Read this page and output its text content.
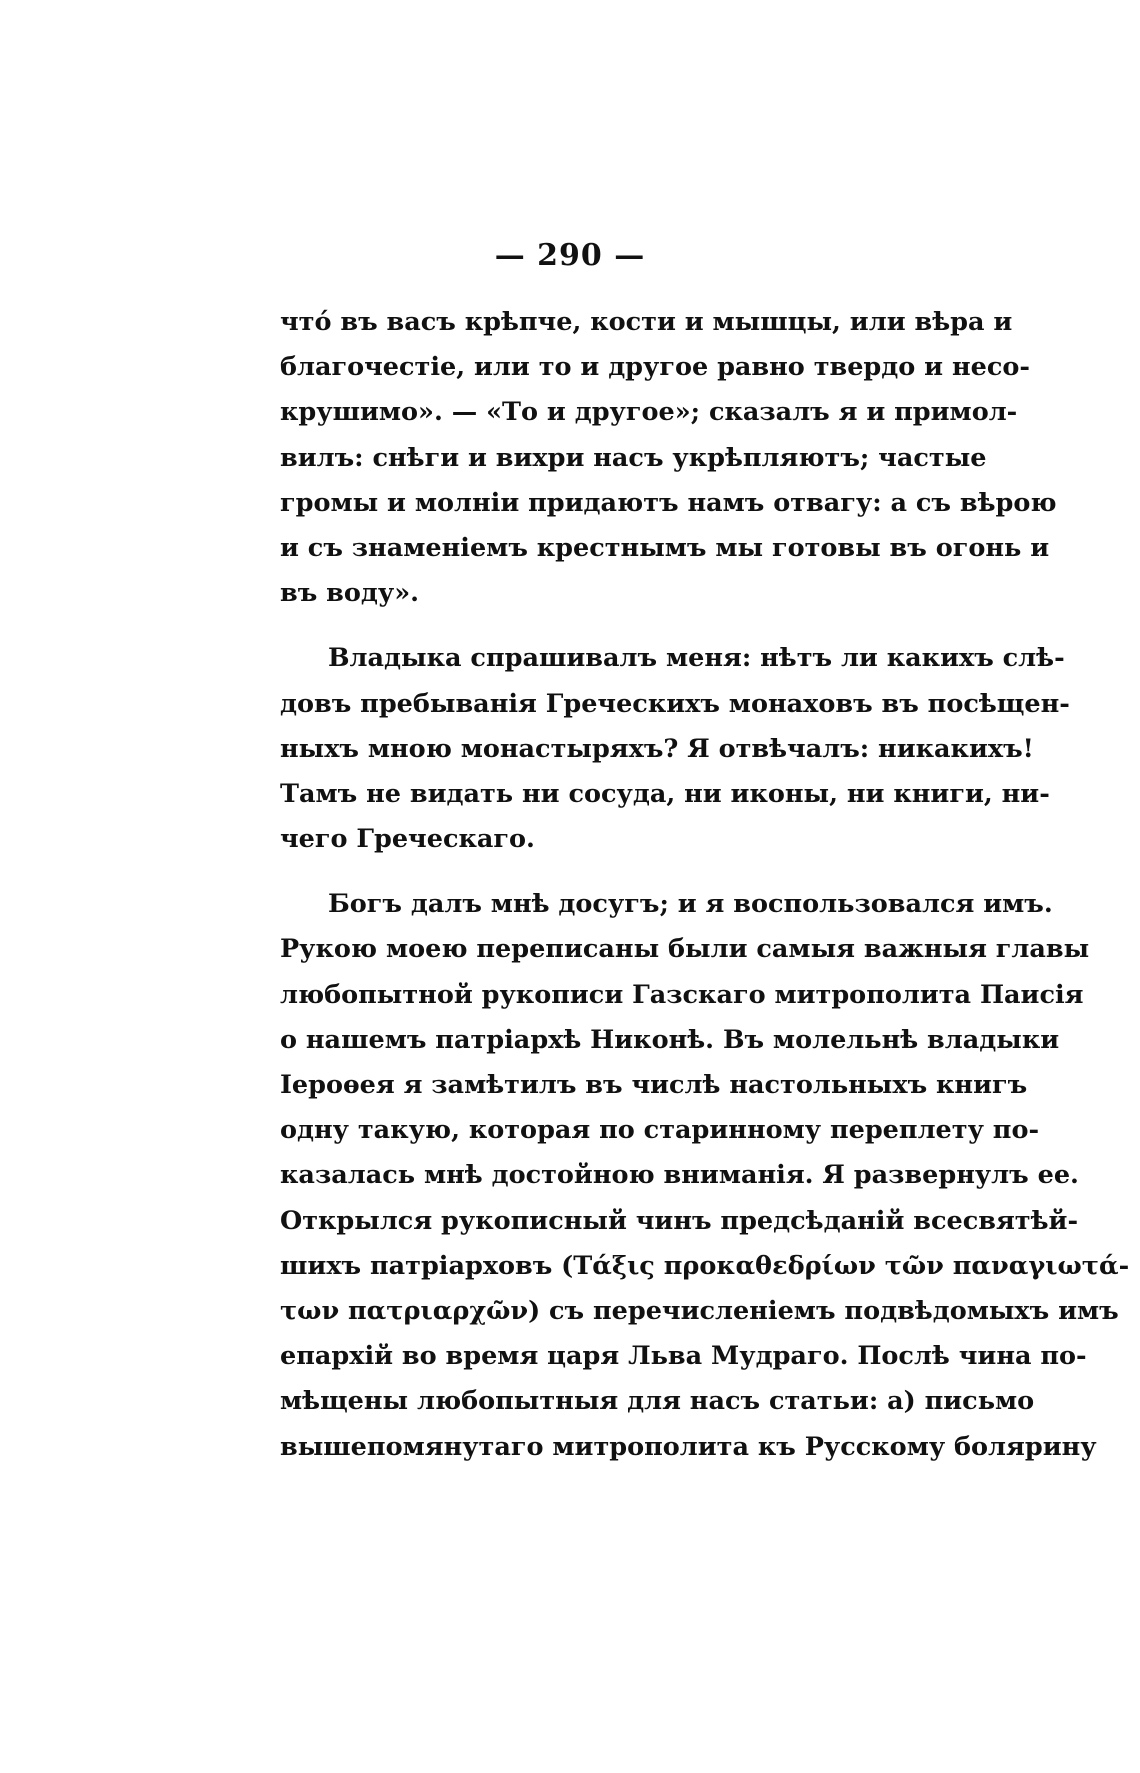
— 290 —
что́ въ васъ крѣпче, кости и мышцы, или вѣра и
благочестіе, или то и другое равно твердо и несо-
крушимо». — «То и другое»; сказалъ я и примол-
вилъ: снѣги и вихри насъ укрѣпляютъ; частые
громы и молніи придаютъ намъ отвагу: а съ вѣрою
и съ знаменіемъ крестнымъ мы готовы въ огонь и
въ воду».
Владыка спрашивалъ меня: нѣтъ ли какихъ слѣ-
довъ пребыванія Греческихъ монаховъ въ посѣщен-
ныхъ мною монастыряхъ? Я отвѣчалъ: никакихъ!
Тамъ не видать ни сосуда, ни иконы, ни книги, ни-
чего Греческаго.
Богъ далъ мнѣ досугъ; и я воспользовался имъ.
Рукою моею переписаны были самыя важныя главы
любопытной рукописи Газскаго митрополита Паисія
о нашемъ патріархѣ Никонѣ. Въ молельнѣ владыки
Іероѳея я замѣтилъ въ числѣ настольныхъ книгъ
одну такую, которая по старинному переплету по-
казалась мнѣ достойною вниманія. Я развернулъ ее.
Открылся рукописный чинъ предсѣданій всесвятѣй-
шихъ патріарховъ (Τάξις προκαθεδρίων τῶν παναγιωτά-
των πατριαρχῶν) съ перечисленіемъ подвѣдомыхъ имъ
епархій во время царя Льва Мудраго. Послѣ чина по-
мѣщены любопытныя для насъ статьи: а) письмо
вышепомянутаго митрополита къ Русскому болярину
